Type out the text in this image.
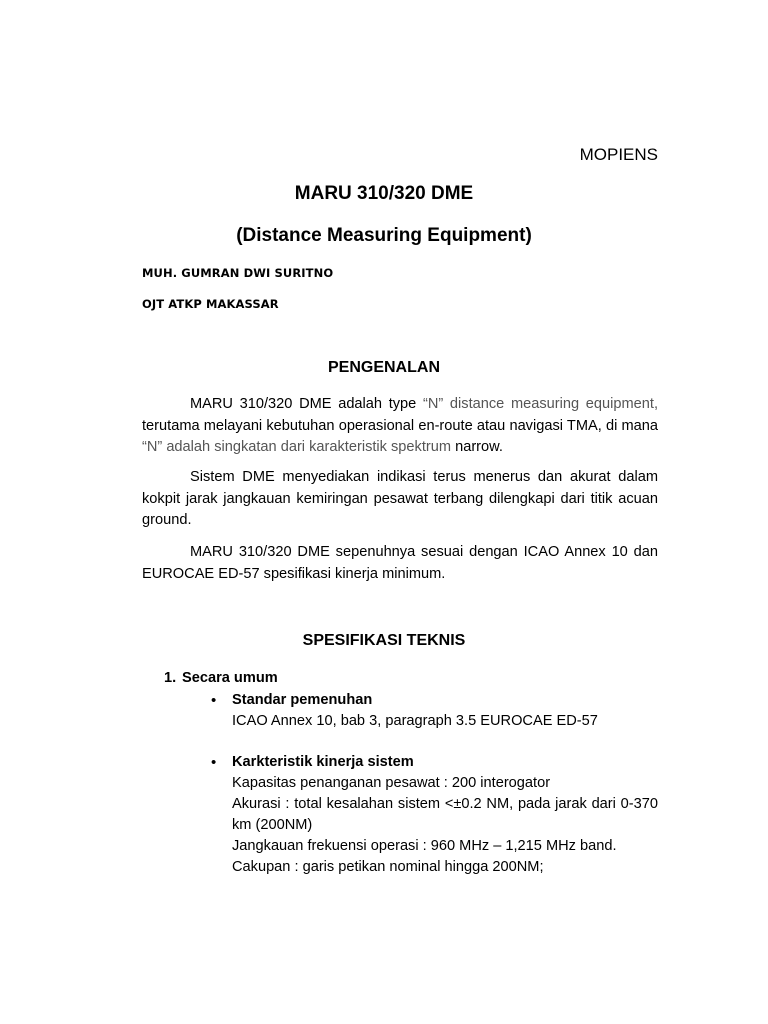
MOPIENS
MARU 310/320 DME
(Distance Measuring Equipment)
MUH. GUMRAN DWI SURITNO
OJT ATKP MAKASSAR
PENGENALAN

MARU 310/320 DME adalah type “N” distance measuring equipment, terutama melayani kebutuhan operasional en-route atau navigasi TMA, di mana “N” adalah singkatan dari karakteristik spektrum narrow.

Sistem DME menyediakan indikasi terus menerus dan akurat dalam kokpit jarak jangkauan kemiringan pesawat terbang dilengkapi dari titik acuan ground.

MARU 310/320 DME sepenuhnya sesuai dengan ICAO Annex 10 dan EUROCAE ED-57 spesifikasi kinerja minimum.

SPESIFIKASI TEKNIS
1. Secara umum
• Standar pemenuhan
ICAO Annex 10, bab 3, paragraph 3.5 EUROCAE ED-57
• Karkteristik kinerja sistem
Kapasitas penanganan pesawat : 200 interogator
Akurasi : total kesalahan sistem <±0.2 NM, pada jarak dari 0-370 km (200NM)
Jangkauan frekuensi operasi : 960 MHz – 1,215 MHz band.
Cakupan : garis petikan nominal hingga 200NM;
